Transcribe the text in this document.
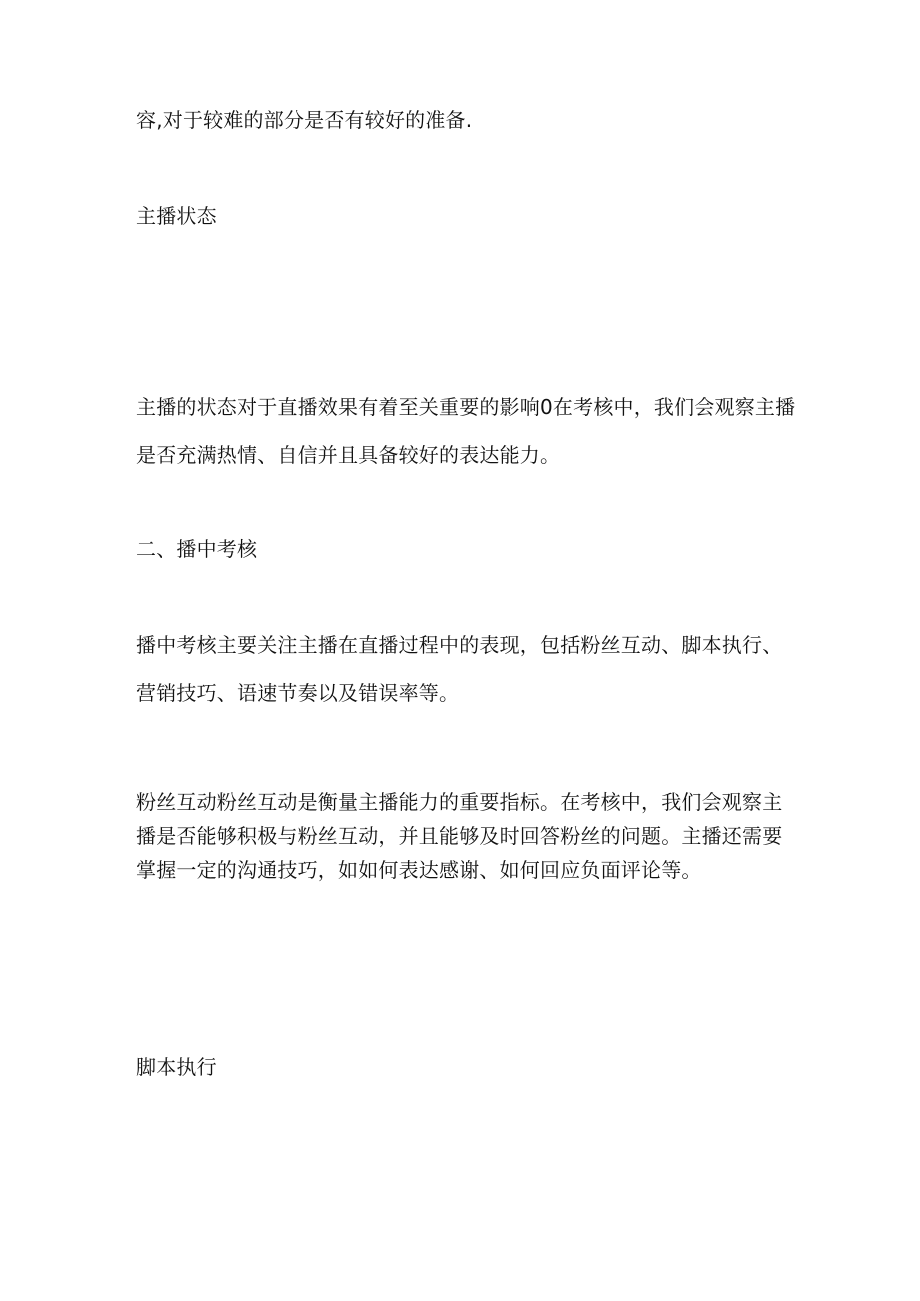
容,对于较难的部分是否有较好的准备.
主播状态
主播的状态对于直播效果有着至关重要的影响0在考核中，我们会观察主播
是否充满热情、自信并且具备较好的表达能力。
二、播中考核
播中考核主要关注主播在直播过程中的表现，包括粉丝互动、脚本执行、
营销技巧、语速节奏以及错误率等。
粉丝互动粉丝互动是衡量主播能力的重要指标。在考核中，我们会观察主
播是否能够积极与粉丝互动，并且能够及时回答粉丝的问题。主播还需要
掌握一定的沟通技巧，如如何表达感谢、如何回应负面评论等。
脚本执行
